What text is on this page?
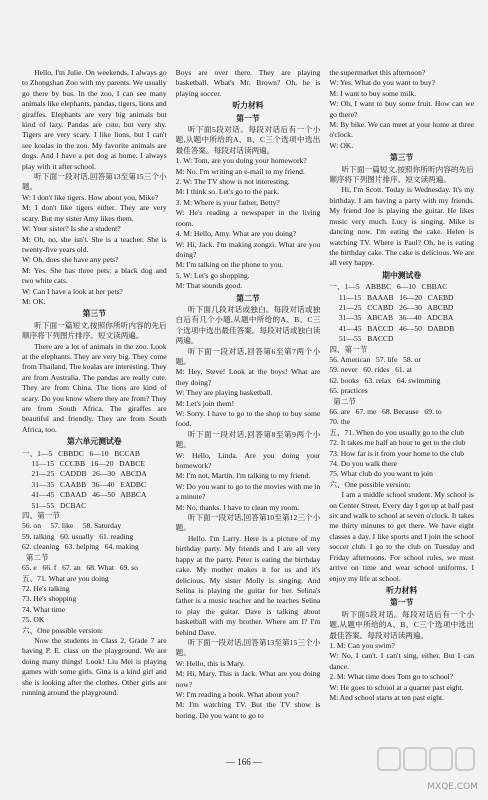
Hello, I'm Julie. On weekends, I always go to Zhongshan Zoo with my parents. We usually go there by bus. In the zoo, I can see many animals like elephants, pandas, tigers, lions and giraffes. Elephants are very big animals but kind of lazy. Pandas are cute, but very shy. Tigers are very scary. I like lions, but I can't see koalas in the zoo. My favorite animals are dogs. And I have a pet dog at home. I always play with it after school.

听下面一段对话,回答第13至第15三个小题。

W: I don't like tigers. How about you, Mike?

M: I don't like tigers either. They are very scary. But my sister Amy likes them.

W: Your sister? Is she a student?

M: Oh, no, she isn't. She is a teacher. She is twenty-five years old.

W: Oh, does she have any pets?

M: Yes. She has three pets: a black dog and two white cats.

W: Can I have a look at her pets?

M: OK.

第三节

听下面一篇短文,按照你所听内容的先后顺序将下列图片排序。短文读两遍。

There are a lot of animals in the zoo. Look at the elephants. They are very big. They come from Thailand. The koalas are interesting. They are from Australia. The pandas are really cute. They are from China. The lions are kind of scary. Do you know where they are from? They are from South Africa. The giraffes are beautiful and friendly. They are from South Africa, too.

第六单元测试卷

一、1—5   CBBDC   6—10   BCCAB

11—15   CCCBB   16—20   DABCE

21—25   CADDB   26—30   ABCDA

31—35   CAABB   36—40   EADBC

41—45   CBAAD   46—50   ABBCA

51—55   DCBAC

四、第一节

56. on     57. like     58. Saturday

59. talking   60. usually   61. reading

62. cleaning   63. helping   64. making

第二节

65. e   66. f   67. an   68. What   69. so

五、71. What are you doing

72. He's talking

73. He's shopping

74. What time

75. OK

六、One possible version:

Now the students in Class 2, Grade 7 are having P. E. class on the playground. We are doing many things! Look! Liu Mei is playing games with some girls. Gina is a kind girl and she is looking after the clothes. Other girls are running around the playground.

Boys are over there. They are playing basketball. What's Mr. Brown? Oh, he is playing soccer.

听力材料
第一节

听下面5段对话。每段对话后有一个小题,从题中所给的A、B、C三个选项中选出最佳答案。每段对话读两遍。

1. W: Tom, are you doing your homework?

M: No. I'm writing an e-mail to my friend.

2. W: The TV show is not interesting.

M: I think so. Let's go to the park.

3. M: Where is your father, Betty?

W: He's reading a newspaper in the living room.

4. M: Hello, Amy. What are you doing?

W: Hi, Jack. I'm making zongzi. What are you doing?

M: I'm talking on the phone to you.

5. W: Let's go shopping.

M: That sounds good.

第二节

听下面几段对话或独白。每段对话或独白后有几个小题,从题中所给的A、B、C三个选项中选出最佳答案。每段对话或独白读两遍。

听下面一段对话,回答第6至第7两个小题。

M: Hey, Steve! Look at the boys! What are they doing?

W: They are playing basketball.

M: Let's join them!

W: Sorry. I have to go to the shop to buy some food.

听下面一段对话,回答第8至第9两个小题。

W: Hello, Linda. Are you doing your homework?

M: I'm not, Martin. I'm talking to my friend.

W: Do you want to go to the movies with me in a minute?

M: No, thanks. I have to clean my room.

听下面一段对话,回答第10至第12三个小题。

Hello. I'm Larry. Here is a picture of my birthday party. My friends and I are all very happy at the party. Peter is eating the birthday cake. My mother makes it for us and it's delicious. My sister Molly is singing. And Selina is playing the guitar for her. Selina's father is a music teacher and he teaches Selina to play the guitar. Dave is talking about basketball with my brother. Where am I? I'm behind Dave.

听下面一段对话,回答第13至第15三个小题。

W: Hello, this is Mary.

M: Hi, Mary. This is Jack. What are you doing now?

W: I'm reading a book. What about you?

M: I'm watching TV. But the TV show is boring. Do you want to go to

the supermarket this afternoon?

W: Yes. What do you want to buy?

M: I want to buy some milk.

W: Oh, I want to buy some fruit. How can we go there?

M: By bike. We can meet at your home at three o'clock.

W: OK.

第三节

听下面一篇短文,按照你所听内容的先后顺序将下列图片排序。短文读两遍。

Hi, I'm Scott. Today is Wednesday. It's my birthday. I am having a party with my friends. My friend Joe is playing the guitar. He likes music very much. Lucy is singing. Mike is dancing now. I'm eating the cake. Helen is watching TV. Where is Paul? Oh, he is eating the birthday cake. The cake is delicious. We are all very happy.

期中测试卷

一、1—5   ABBBC   6—10   CBBAC

11—15   BAAAB   16—20   CAEBD

21—25   CCABD   26—30   ABCBD

31—35   ABCAB   36—40   ADCBA

41—45   BACCD   46—50   DABDB

51—55   BACCD

四、第一节

56. American   57. life   58. or

59. never   60. rides   61. at

62. books   63. relax   64. swimming

65. practices

第二节

66. are   67. me   68. Because   69. to

70. the

五、71. When do you usually go to the club

72. It takes me half an hour to get to the club

73. How far is it from your home to the club

74. Do you walk there

75. What club do you want to join

六、One possible version:

I am a middle school student. My school is on Center Street. Every day I get up at half past six and walk to school at seven o'clock. It takes me thirty minutes to get there. We have eight classes a day. I like sports and I join the school soccer club. I go to the club on Tuesday and Friday afternoons. For school rules, we must arrive on time and wear school uniforms. I enjoy my life at school.

听力材料
第一节

听下面5段对话。每段对话后有一个小题,从题中所给的A、B、C三个选项中选出最佳答案。每段对话读两遍。

1. M: Can you swim?

W: No, I can't. I can't sing, either. But I can dance.

2. M: What time does Tom go to school?

W: He goes to school at a quarter past eight.

M: And school starts at ten past eight.

— 166 —
MXQE.COM
